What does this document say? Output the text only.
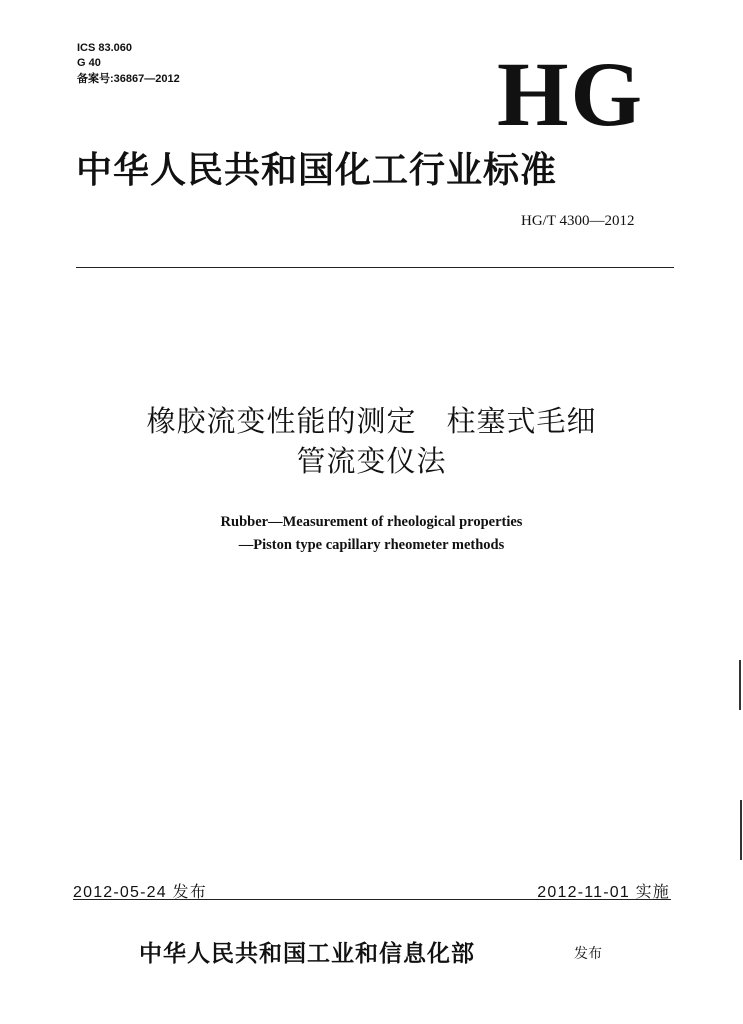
ICS 83.060
G 40
备案号:36867—2012	HG
中华人民共和国化工行业标准
HG/T 4300—2012
橡胶流变性能的测定　柱塞式毛细
管流变仪法
Rubber—Measurement of rheological properties
—Piston type capillary rheometer methods
2012-05-24 发布	2012-11-01 实施
中华人民共和国工业和信息化部	发布
